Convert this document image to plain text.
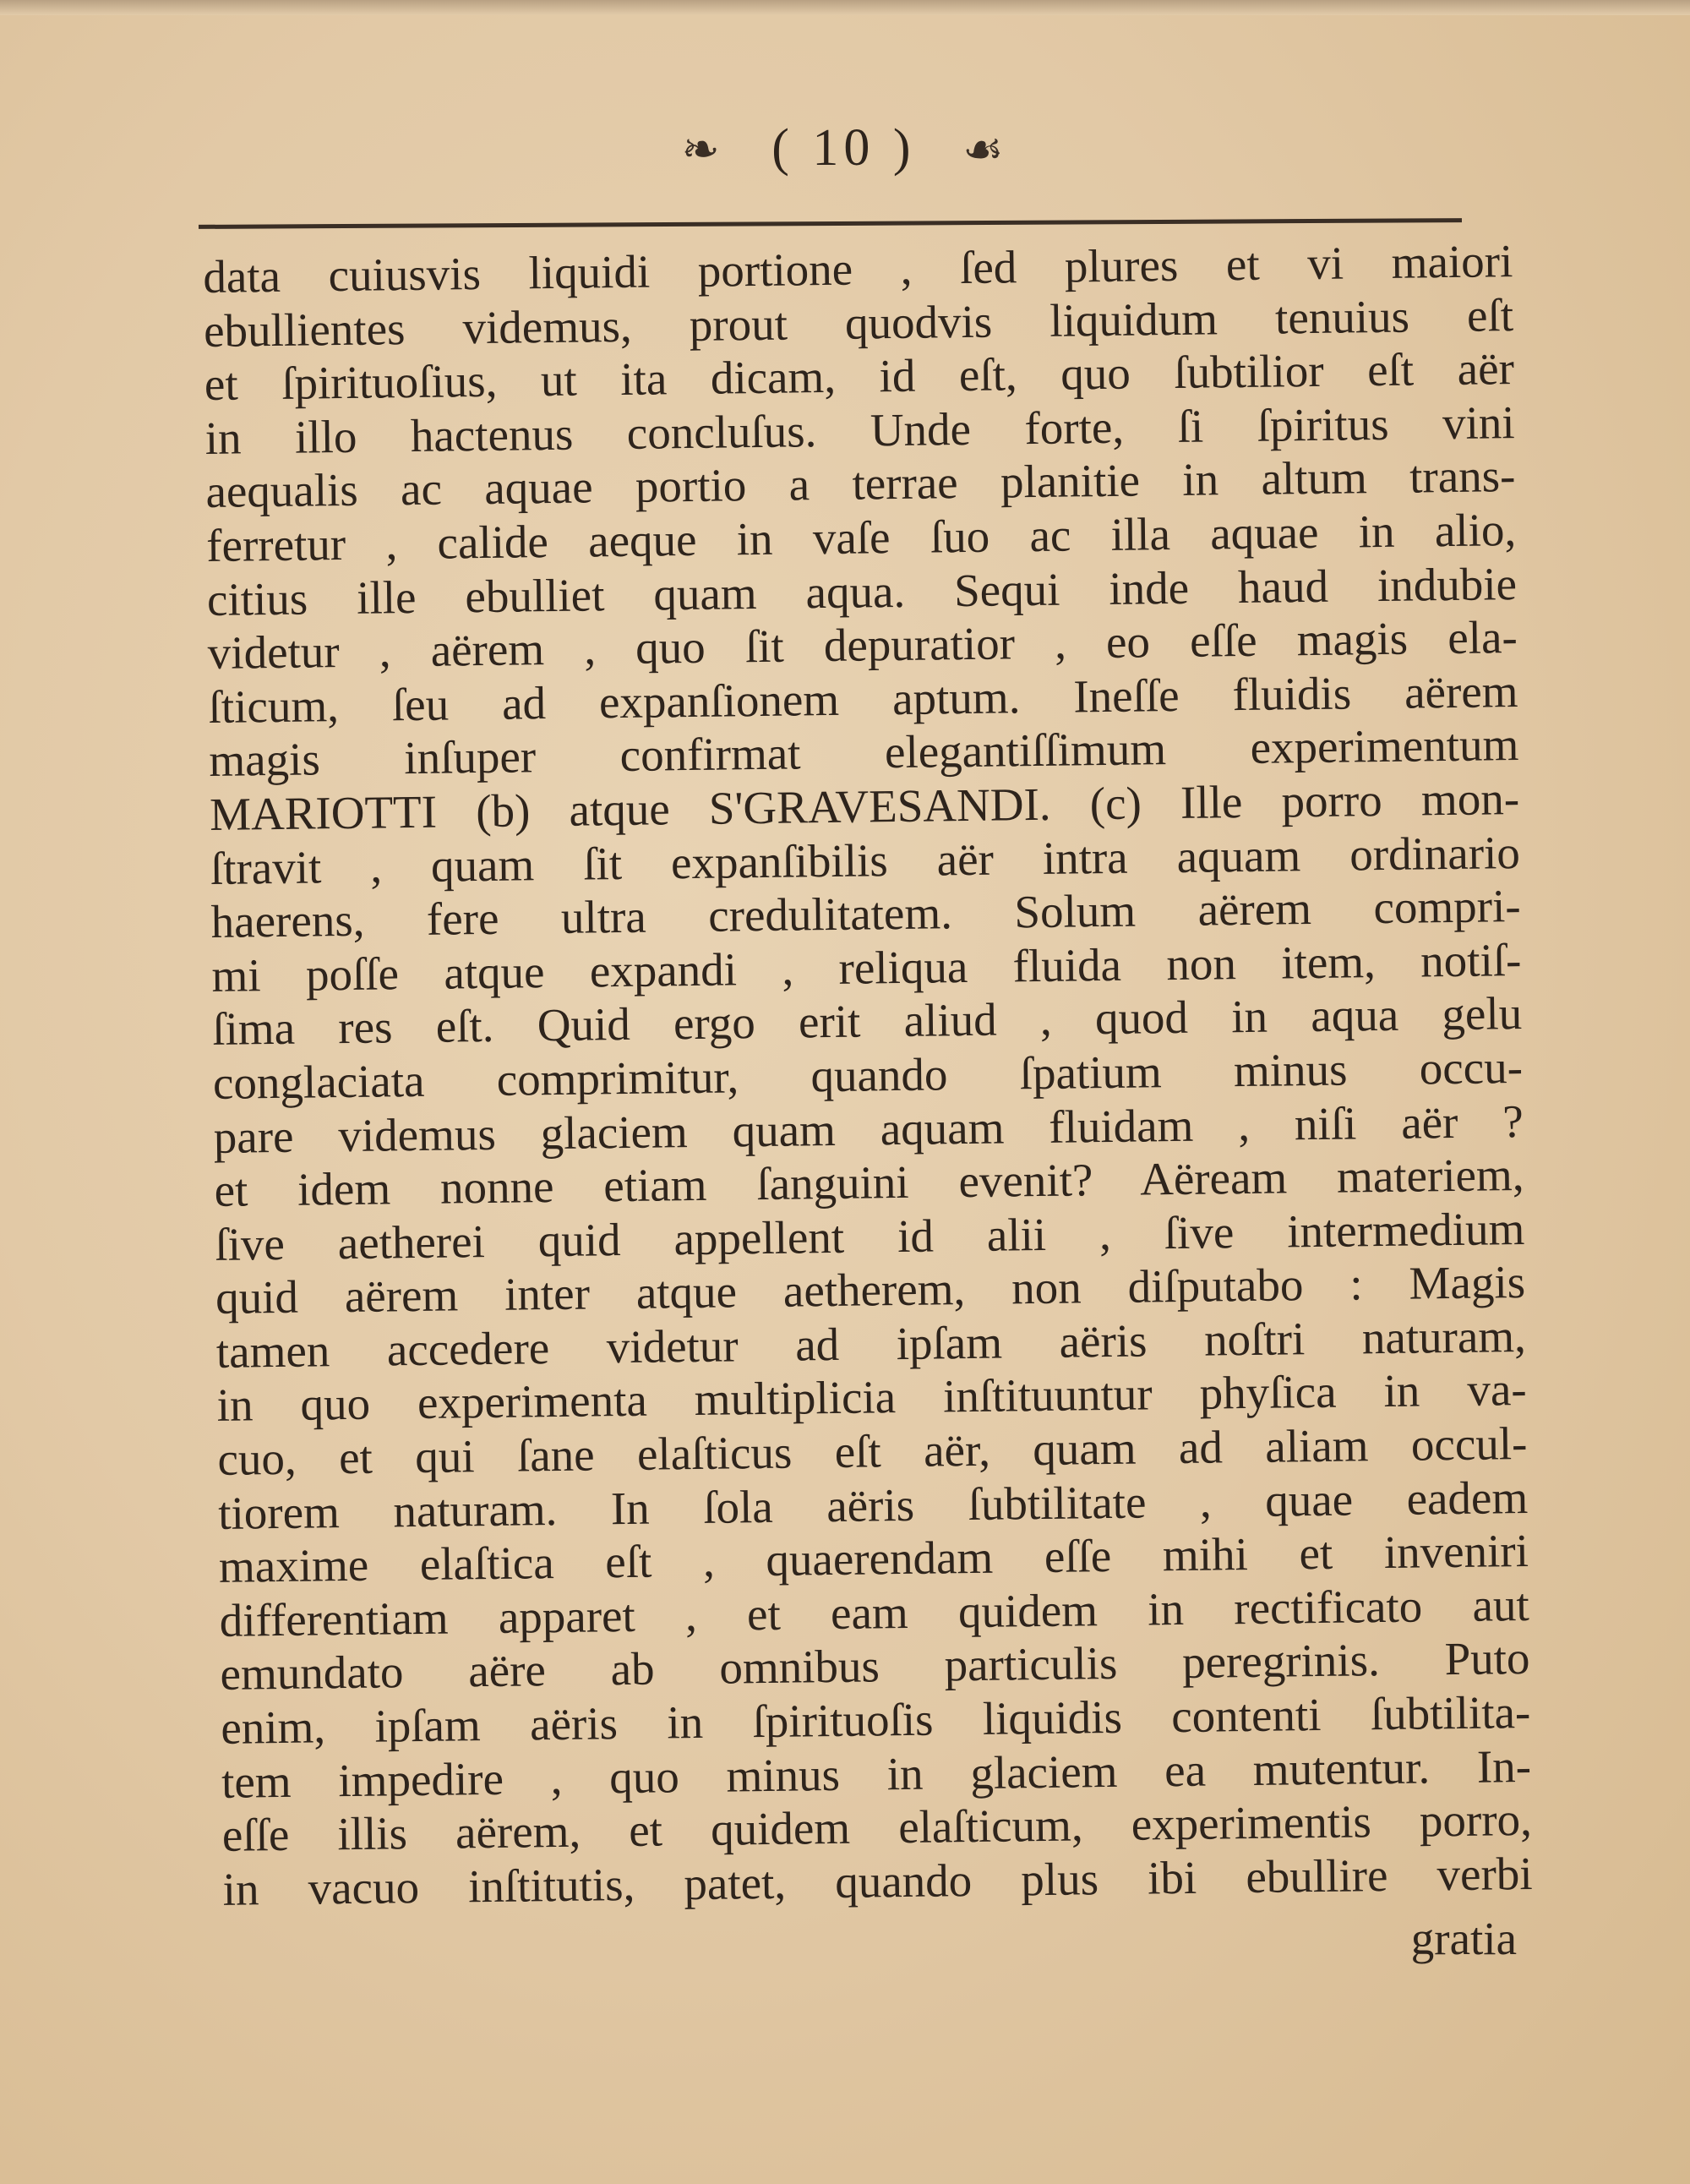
❧ ( 10 ) ☙
data cuiusvis liquidi portione , ſed plures et vi maiori
ebullientes videmus, prout quodvis liquidum tenuius eſt
et ſpirituoſius, ut ita dicam, id eſt, quo ſubtilior eſt aër
in illo hactenus concluſus. Unde forte, ſi ſpiritus vini
aequalis ac aquae portio a terrae planitie in altum trans-
ferretur , calide aeque in vaſe ſuo ac illa aquae in alio,
citius ille ebulliet quam aqua. Sequi inde haud indubie
videtur , aërem , quo ſit depuratior , eo eſſe magis ela-
ſticum, ſeu ad expanſionem aptum. Ineſſe fluidis aërem
magis inſuper confirmat elegantiſſimum experimentum
MARIOTTI (b) atque S'GRAVESANDI. (c) Ille porro mon-
ſtravit , quam ſit expanſibilis aër intra aquam ordinario
haerens, fere ultra credulitatem. Solum aërem compri-
mi poſſe atque expandi , reliqua fluida non item, notiſ-
ſima res eſt. Quid ergo erit aliud , quod in aqua gelu
conglaciata comprimitur, quando ſpatium minus occu-
pare videmus glaciem quam aquam fluidam , niſi aër ?
et idem nonne etiam ſanguini evenit? Aëream materiem,
ſive aetherei quid appellent id alii , ſive intermedium
quid aërem inter atque aetherem, non diſputabo : Magis
tamen accedere videtur ad ipſam aëris noſtri naturam,
in quo experimenta multiplicia inſtituuntur phyſica in va-
cuo, et qui ſane elaſticus eſt aër, quam ad aliam occul-
tiorem naturam. In ſola aëris ſubtilitate , quae eadem
maxime elaſtica eſt , quaerendam eſſe mihi et inveniri
differentiam apparet , et eam quidem in rectificato aut
emundato aëre ab omnibus particulis peregrinis. Puto
enim, ipſam aëris in ſpirituoſis liquidis contenti ſubtilita-
tem impedire , quo minus in glaciem ea mutentur. In-
eſſe illis aërem, et quidem elaſticum, experimentis porro,
in vacuo inſtitutis, patet, quando plus ibi ebullire verbi
gratia
